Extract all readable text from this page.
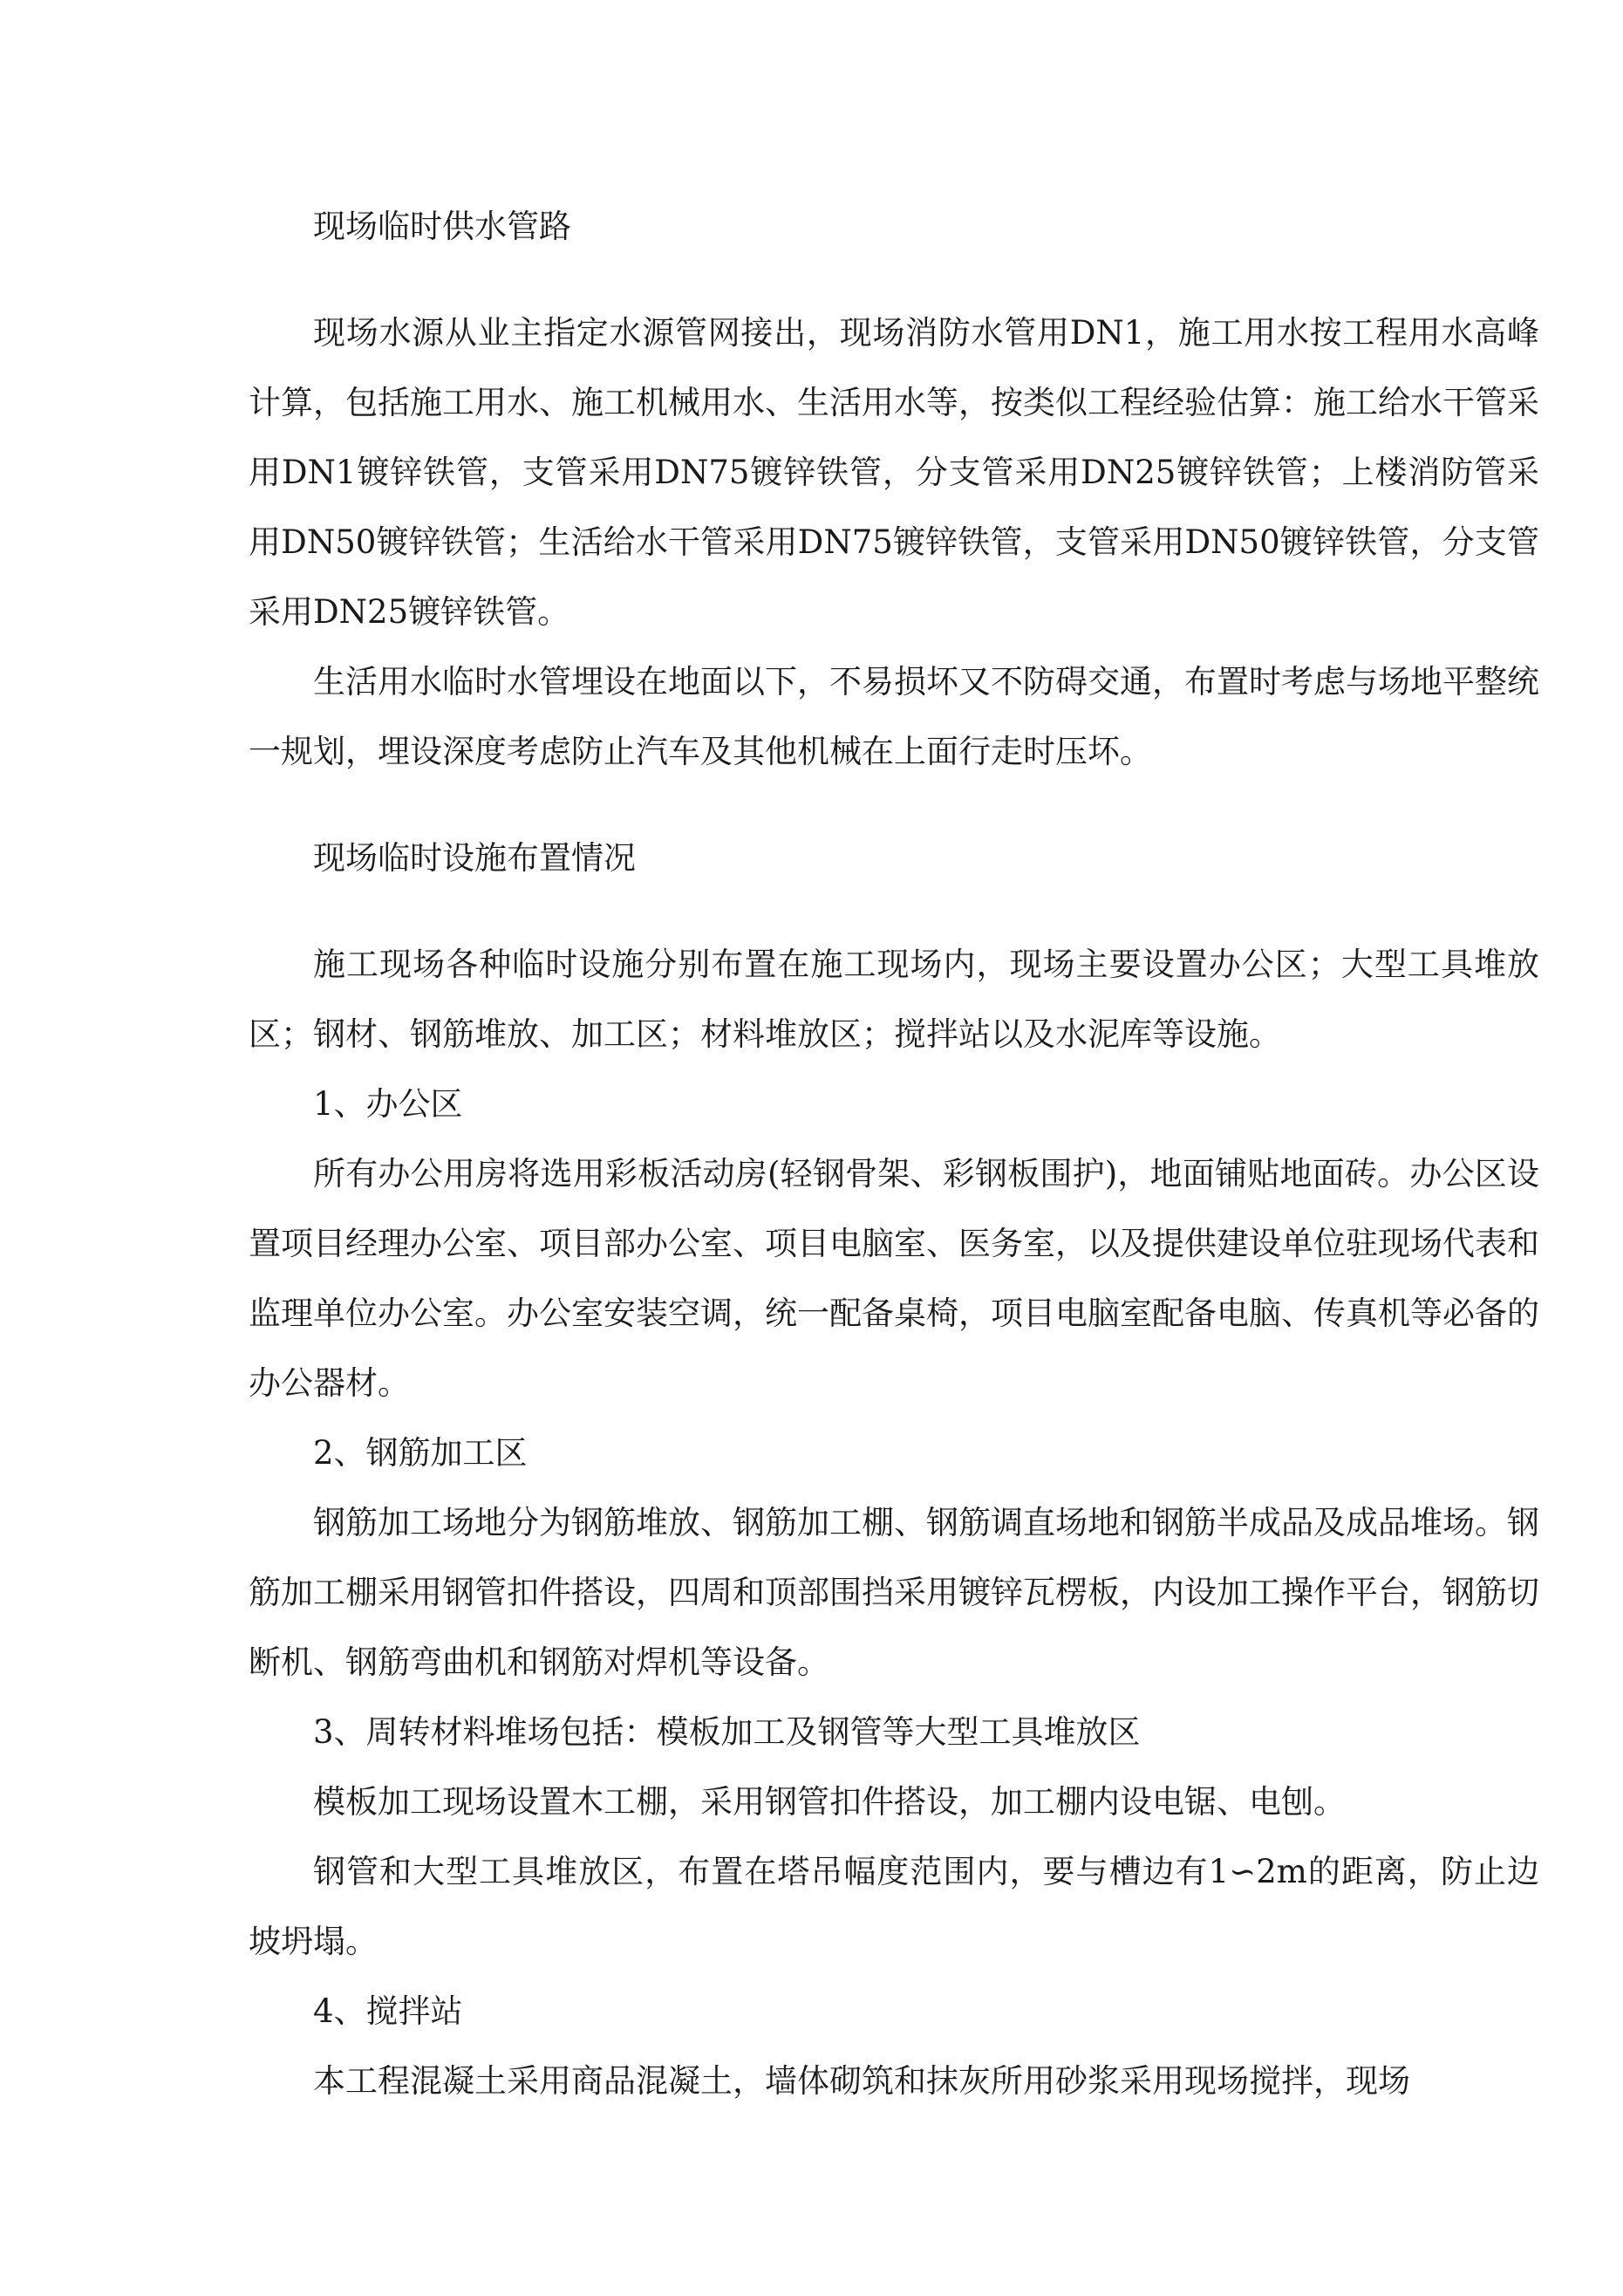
现场临时供水管路

现场水源从业主指定水源管网接出，现场消防水管用DN1，施工用水按工程用水高峰计算，包括施工用水、施工机械用水、生活用水等，按类似工程经验估算：施工给水干管采用DN1镀锌铁管，支管采用DN75镀锌铁管，分支管采用DN25镀锌铁管；上楼消防管采用DN50镀锌铁管；生活给水干管采用DN75镀锌铁管，支管采用DN50镀锌铁管，分支管采用DN25镀锌铁管。

生活用水临时水管埋设在地面以下，不易损坏又不防碍交通，布置时考虑与场地平整统一规划，埋设深度考虑防止汽车及其他机械在上面行走时压坏。

现场临时设施布置情况

施工现场各种临时设施分别布置在施工现场内，现场主要设置办公区；大型工具堆放区；钢材、钢筋堆放、加工区；材料堆放区；搅拌站以及水泥库等设施。

1、办公区

所有办公用房将选用彩板活动房(轻钢骨架、彩钢板围护)，地面铺贴地面砖。办公区设置项目经理办公室、项目部办公室、项目电脑室、医务室，以及提供建设单位驻现场代表和监理单位办公室。办公室安装空调，统一配备桌椅，项目电脑室配备电脑、传真机等必备的办公器材。

2、钢筋加工区

钢筋加工场地分为钢筋堆放、钢筋加工棚、钢筋调直场地和钢筋半成品及成品堆场。钢筋加工棚采用钢管扣件搭设，四周和顶部围挡采用镀锌瓦楞板，内设加工操作平台，钢筋切断机、钢筋弯曲机和钢筋对焊机等设备。

3、周转材料堆场包括：模板加工及钢管等大型工具堆放区

模板加工现场设置木工棚，采用钢管扣件搭设，加工棚内设电锯、电刨。

钢管和大型工具堆放区，布置在塔吊幅度范围内，要与槽边有1∽2m的距离，防止边坡坍塌。

4、搅拌站

本工程混凝土采用商品混凝土，墙体砌筑和抹灰所用砂浆采用现场搅拌，现场
